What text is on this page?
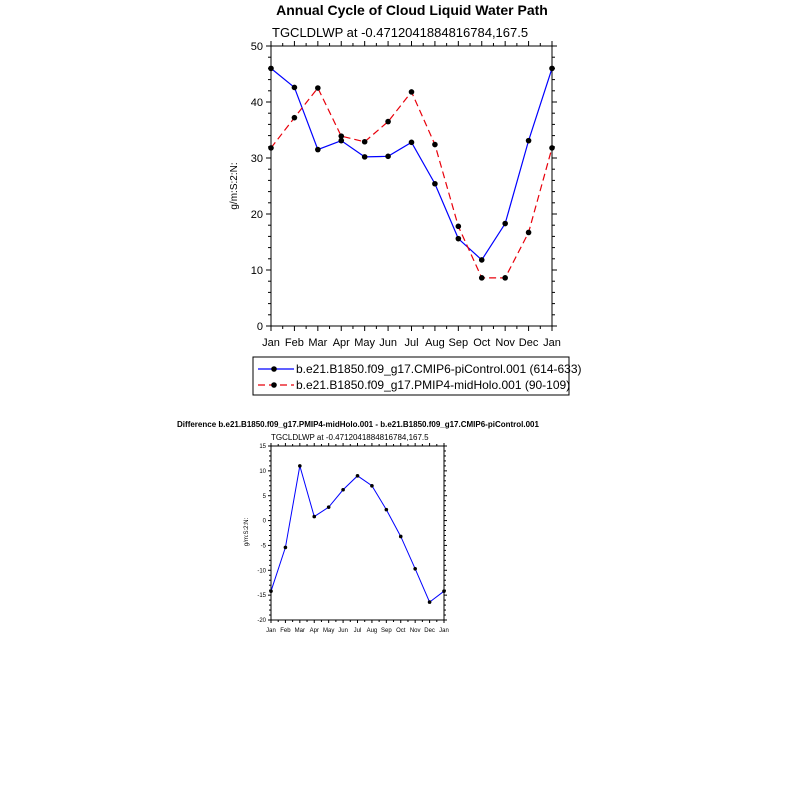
Annual Cycle of Cloud Liquid Water Path
TGCLDLWP at -0.4712041884816784,167.5
g/m:S:2:N:
Jan Feb Mar Apr May Jun Jul Aug Sep Oct Nov Dec Jan
0
10
20
30
40
50
b.e21.B1850.f09_g17.CMIP6-piControl.001 (614-633)
b.e21.B1850.f09_g17.PMIP4-midHolo.001 (90-109)
Difference b.e21.B1850.f09_g17.PMIP4-midHolo.001 - b.e21.B1850.f09_g17.CMIP6-piControl.001
TGCLDLWP at -0.4712041884816784,167.5
g/m:S:2:N:
Jan Feb Mar Apr May Jun Jul Aug Sep Oct Nov Dec Jan
-20
-15
-10
-5
0
5
10
15
